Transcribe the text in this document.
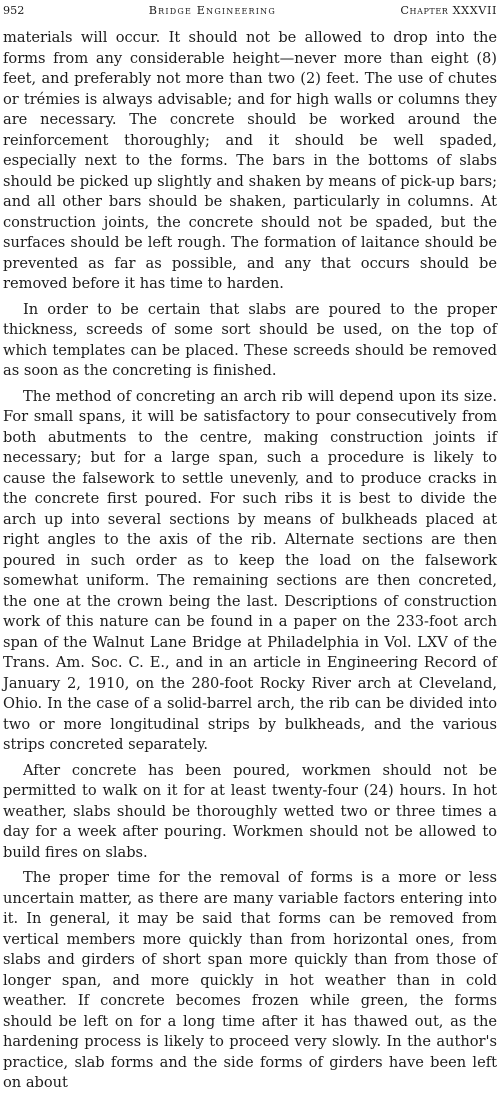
952	Bridge Engineering	Chapter XXXVII

materials will occur. It should not be allowed to drop into the forms from any considerable height—never more than eight (8) feet, and preferably not more than two (2) feet. The use of chutes or trémies is always advisable; and for high walls or columns they are necessary. The concrete should be worked around the reinforcement thoroughly; and it should be well spaded, especially next to the forms. The bars in the bottoms of slabs should be picked up slightly and shaken by means of pick-up bars; and all other bars should be shaken, particularly in columns. At construction joints, the concrete should not be spaded, but the surfaces should be left rough. The formation of laitance should be prevented as far as possible, and any that occurs should be removed before it has time to harden.

In order to be certain that slabs are poured to the proper thickness, screeds of some sort should be used, on the top of which templates can be placed. These screeds should be removed as soon as the concreting is finished.

The method of concreting an arch rib will depend upon its size. For small spans, it will be satisfactory to pour consecutively from both abutments to the centre, making construction joints if necessary; but for a large span, such a procedure is likely to cause the falsework to settle unevenly, and to produce cracks in the concrete first poured. For such ribs it is best to divide the arch up into several sections by means of bulkheads placed at right angles to the axis of the rib. Alternate sections are then poured in such order as to keep the load on the falsework somewhat uniform. The remaining sections are then concreted, the one at the crown being the last. Descriptions of construction work of this nature can be found in a paper on the 233-foot arch span of the Walnut Lane Bridge at Philadelphia in Vol. LXV of the Trans. Am. Soc. C. E., and in an article in Engineering Record of January 2, 1910, on the 280-foot Rocky River arch at Cleveland, Ohio. In the case of a solid-barrel arch, the rib can be divided into two or more longitudinal strips by bulkheads, and the various strips concreted separately.

After concrete has been poured, workmen should not be permitted to walk on it for at least twenty-four (24) hours. In hot weather, slabs should be thoroughly wetted two or three times a day for a week after pouring. Workmen should not be allowed to build fires on slabs.

The proper time for the removal of forms is a more or less uncertain matter, as there are many variable factors entering into it. In general, it may be said that forms can be removed from vertical members more quickly than from horizontal ones, from slabs and girders of short span more quickly than from those of longer span, and more quickly in hot weather than in cold weather. If concrete becomes frozen while green, the forms should be left on for a long time after it has thawed out, as the hardening process is likely to proceed very slowly. In the author's practice, slab forms and the side forms of girders have been left on about
